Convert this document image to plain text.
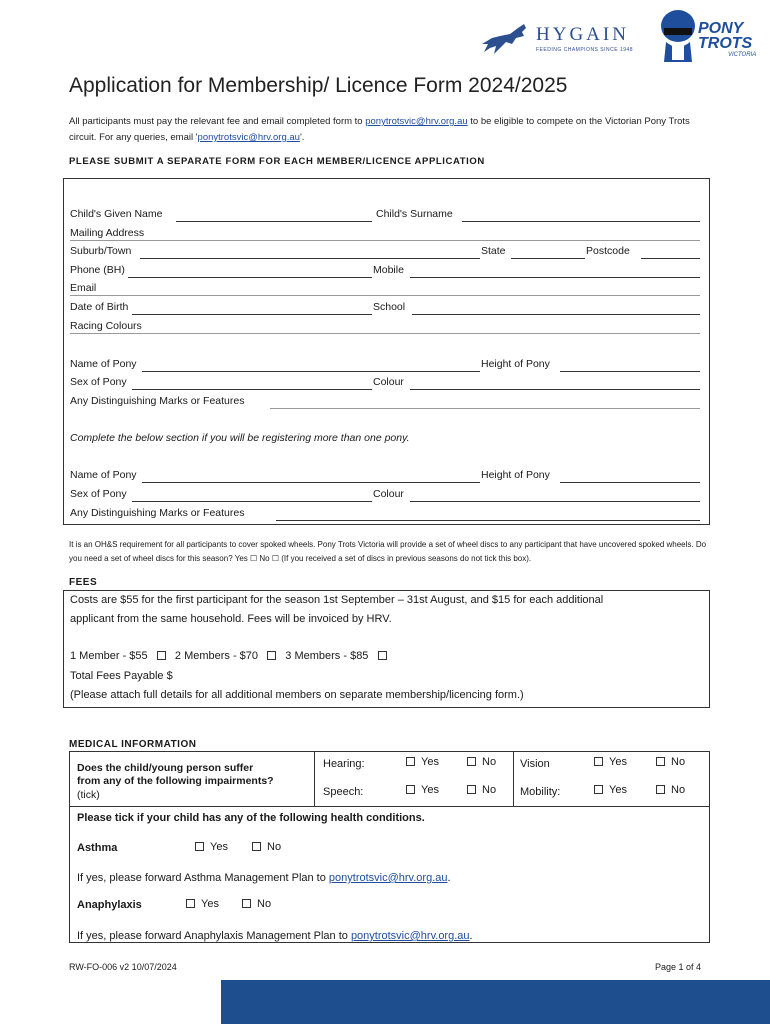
HYGAIN
FEEDING CHAMPIONS SINCE 1948
PONY
TROTS
VICTORIA
Application for Membership/ Licence Form 2024/2025

All participants must pay the relevant fee and email completed form to ponytrotsvic@hrv.org.au to be eligible to compete on the Victorian Pony Trots circuit. For any queries, email 'ponytrotsvic@hrv.org.au'.

PLEASE SUBMIT A SEPARATE FORM FOR EACH MEMBER/LICENCE APPLICATION
Child's Given Name	Child's Surname
Mailing Address
Suburb/Town	State	Postcode
Phone (BH)	Mobile
Email
Date of Birth	School
Racing Colours
Name of Pony	Height of Pony
Sex of Pony	Colour
Any Distinguishing Marks or Features
Complete the below section if you will be registering more than one pony.
Name of Pony	Height of Pony
Sex of Pony	Colour
Any Distinguishing Marks or Features

It is an OH&S requirement for all participants to cover spoked wheels. Pony Trots Victoria will provide a set of wheel discs to any participant that have uncovered spoked wheels. Do you need a set of wheel discs for this season? Yes ☐ No ☐ (If you received a set of discs in previous seasons do not tick this box).

FEES
Costs are $55 for the first participant for the season 1st September – 31st August, and $15 for each additional
applicant from the same household. Fees will be invoiced by HRV.
1 Member - $55 2 Members - $70 3 Members - $85
Total Fees Payable $
(Please attach full details for all additional members on separate membership/licencing form.)
MEDICAL INFORMATION
Does the child/young person suffer
from any of the following impairments?
(tick)
Hearing:	Yes	No
Speech:	Yes	No
Vision	Yes	No
Mobility:	Yes	No
Please tick if your child has any of the following health conditions.
Asthma	Yes	No
If yes, please forward Asthma Management Plan to ponytrotsvic@hrv.org.au.
Anaphylaxis	Yes	No
If yes, please forward Anaphylaxis Management Plan to ponytrotsvic@hrv.org.au.
RW-FO-006 v2 10/07/2024	Page 1 of 4
